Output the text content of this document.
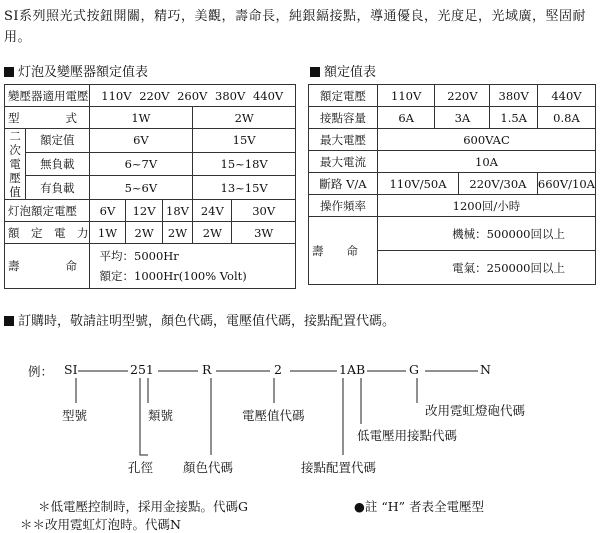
SI系列照光式按鈕開關，精巧，美觀，壽命長，純銀鎘接點，導通優良，光度足，光域廣，堅固耐用。
灯泡及變壓器額定值表	額定值表
變壓器適用電壓		110V 220V 260V 380V 440V				
型　　　　式		1W			2W	
二次電壓值	額定值	6V			15V	
	無負載	6~7V			15~18V	
	有負載	5~6V			13~15V	
灯泡額定電壓		6V	12V	18V	24V	30V
額　定　電　力		1W	2W	2W	2W	3W
壽　　　　命		平均：5000Hr
額定：1000Hr(100% Volt)				
額定電壓	110V	220V		380V	440V
接點容量	6A	3A		1.5A	0.8A
最大電壓	600VAC				
最大電流	10A				
斷路 V/A	110V/50A		220V/30A		660V/10A
操作頻率	1200回/小時				
壽　　命	機械：500000回以上				
	電氣：250000回以上				
訂購時，敬請註明型號，顏色代碼，電壓值代碼，接點配置代碼。
例： SI	251	R	2	1AB	G	N
型號	類號	電壓值代碼	改用霓虹燈砲代碼
低電壓用接點代碼
孔徑 顏色代碼	接點配置代碼
＊低電壓控制時，採用金接點。代碼G	●註 “H” 者表全電壓型
＊＊改用霓虹灯泡時。代碼N
